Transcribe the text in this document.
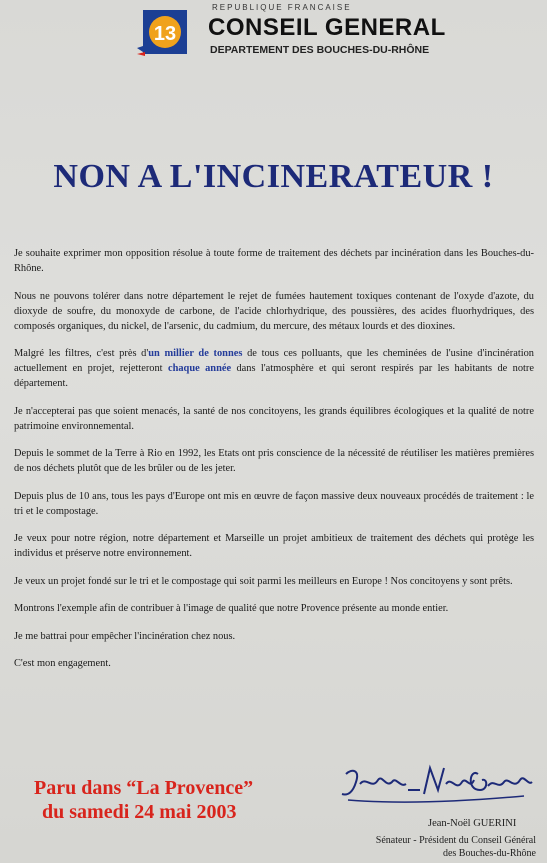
13
REPUBLIQUE FRANCAISE
CONSEIL GENERAL
DEPARTEMENT DES BOUCHES-DU-RHÔNE
NON A L'INCINERATEUR !

Je souhaite exprimer mon opposition résolue à toute forme de traitement des déchets par incinération dans les Bouches-du-Rhône.

Nous ne pouvons tolérer dans notre département le rejet de fumées hautement toxiques contenant de l'oxyde d'azote, du dioxyde de soufre, du monoxyde de carbone, de l'acide chlorhydrique, des poussières, des acides fluorhydriques, des composés organiques, du nickel, de l'arsenic, du cadmium, du mercure, des métaux lourds et des dioxines.

Malgré les filtres, c'est près d'un millier de tonnes de tous ces polluants, que les cheminées de l'usine d'incinération actuellement en projet, rejetteront chaque année dans l'atmosphère et qui seront respirés par les habitants de notre département.

Je n'accepterai pas que soient menacés, la santé de nos concitoyens, les grands équilibres écologiques et la qualité de notre patrimoine environnemental.

Depuis le sommet de la Terre à Rio en 1992, les Etats ont pris conscience de la nécessité de réutiliser les matières premières de nos déchets plutôt que de les brûler ou de les jeter.

Depuis plus de 10 ans, tous les pays d'Europe ont mis en œuvre de façon massive deux nouveaux procédés de traitement : le tri et le compostage.

Je veux pour notre région, notre département et Marseille un projet ambitieux de traitement des déchets qui protège les individus et préserve notre environnement.

Je veux un projet fondé sur le tri et le compostage qui soit parmi les meilleurs en Europe ! Nos concitoyens y sont prêts.

Montrons l'exemple afin de contribuer à l'image de qualité que notre Provence présente au monde entier.

Je me battrai pour empêcher l'incinération chez nous.

C'est mon engagement.

Paru dans “La Provence”
du samedi 24 mai 2003
Jean-Noël GUERINI
Sénateur - Président du Conseil Général
des Bouches-du-Rhône
